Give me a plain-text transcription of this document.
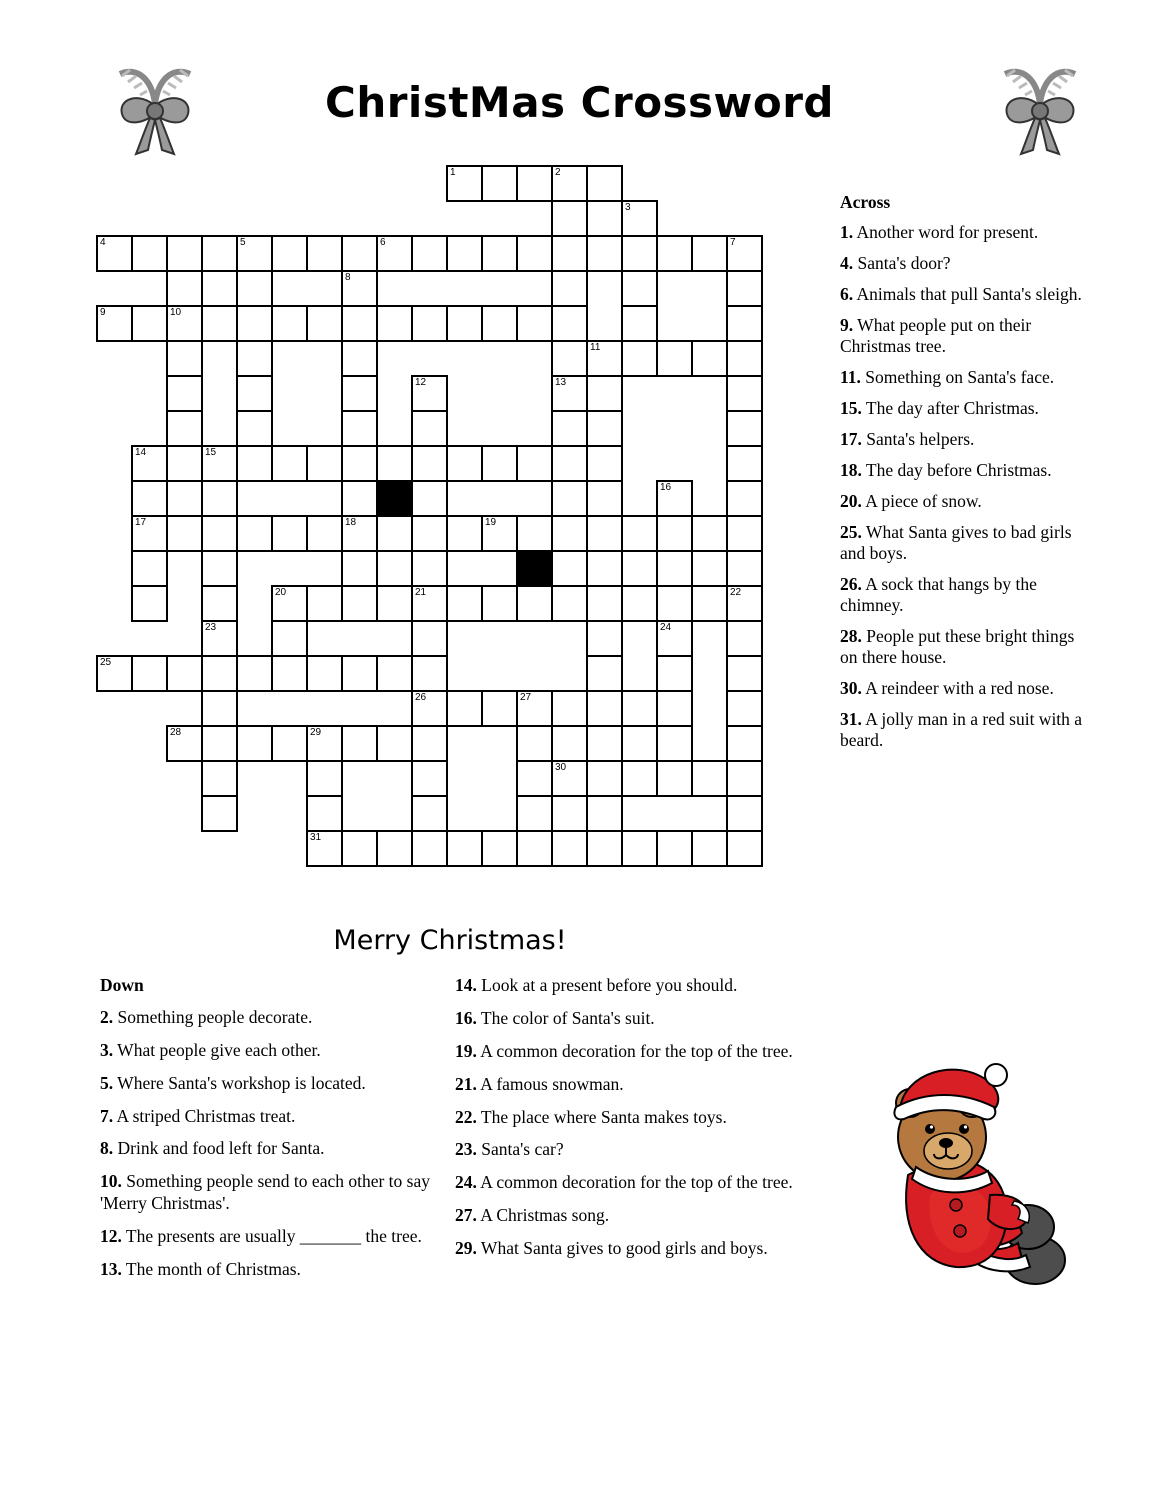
ChristMas Crossword
1	2
3
4	5	6	7
8
9	10
11
12	13
14	15
16
17	18	19
20	21	22
23	24
25
26	27
28	29
30
31
Merry Christmas!
Across
1. Another word for present.
4. Santa's door?
6. Animals that pull Santa's sleigh.
9. What people put on their Christmas tree.
11. Something on Santa's face.
15. The day after Christmas.
17. Santa's helpers.
18. The day before Christmas.
20. A piece of snow.
25. What Santa gives to bad girls and boys.
26. A sock that hangs by the chimney.
28. People put these bright things on there house.
30. A reindeer with a red nose.
31. A jolly man in a red suit with a beard.
Down
2. Something people decorate.
3. What people give each other.
5. Where Santa's workshop is located.
7. A striped Christmas treat.
8. Drink and food left for Santa.
10. Something people send to each other to say 'Merry Christmas'.
12. The presents are usually _______ the tree.
13. The month of Christmas.
14. Look at a present before you should.
16. The color of Santa's suit.
19. A common decoration for the top of the tree.
21. A famous snowman.
22. The place where Santa makes toys.
23. Santa's car?
24. A common decoration for the top of the tree.
27. A Christmas song.
29. What Santa gives to good girls and boys.
